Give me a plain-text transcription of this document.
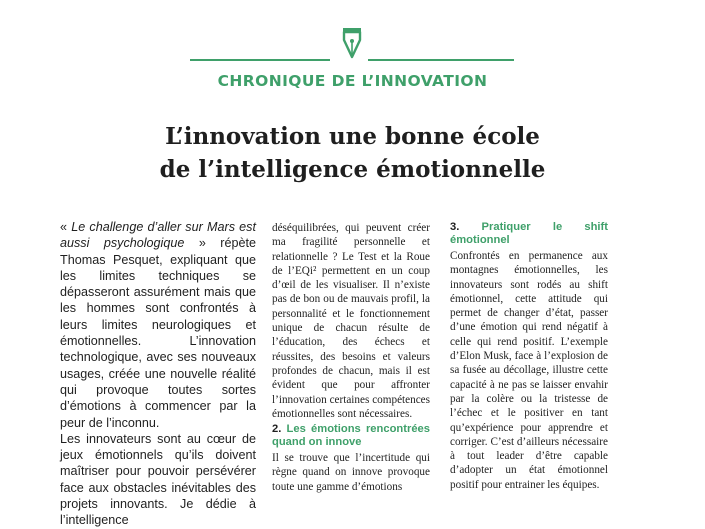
CHRONIQUE DE L’INNOVATION
L’innovation une bonne école
de l’intelligence émotionnelle

« Le challenge d’aller sur Mars est aussi psychologique » répète Thomas Pesquet, expliquant que les limites techniques se dépasseront assurément mais que les hommes sont confrontés à leurs limites neurologiques et émotionnelles. L’innovation technologique, avec ses nouveaux usages, créée une nouvelle réalité qui provoque toutes sortes d’émotions à commencer par la peur de l’inconnu.

Les innovateurs sont au cœur de jeux émotionnels qu’ils doivent maîtriser pour pouvoir persévérer face aux obstacles inévitables des projets innovants. Je dédie à l’intelligence

déséquilibrées, qui peuvent créer ma fragilité personnelle et relationnelle ? Le Test et la Roue de l’EQi² permettent en un coup d’œil de les visualiser. Il n’existe pas de bon ou de mauvais profil, la personnalité et le fonctionnement unique de chacun résulte de l’éducation, des échecs et réussites, des besoins et valeurs profondes de chacun, mais il est évident que pour affronter l’innovation certaines compétences émotionnelles sont nécessaires.

2. Les émotions rencontrées quand on innove

Il se trouve que l’incertitude qui règne quand on innove provoque toute une gamme d’émotions

3. Pratiquer le shift émotionnel

Confrontés en permanence aux montagnes émotionnelles, les innovateurs sont rodés au shift émotionnel, cette attitude qui permet de changer d’état, passer d’une émotion qui rend négatif à celle qui rend positif. L’exemple d’Elon Musk, face à l’explosion de sa fusée au décollage, illustre cette capacité à ne pas se laisser envahir par la colère ou la tristesse de l’échec et le positiver en tant qu’expérience pour apprendre et corriger. C’est d’ailleurs nécessaire à tout leader d’être capable d’adopter un état émotionnel positif pour entrainer les équipes.
